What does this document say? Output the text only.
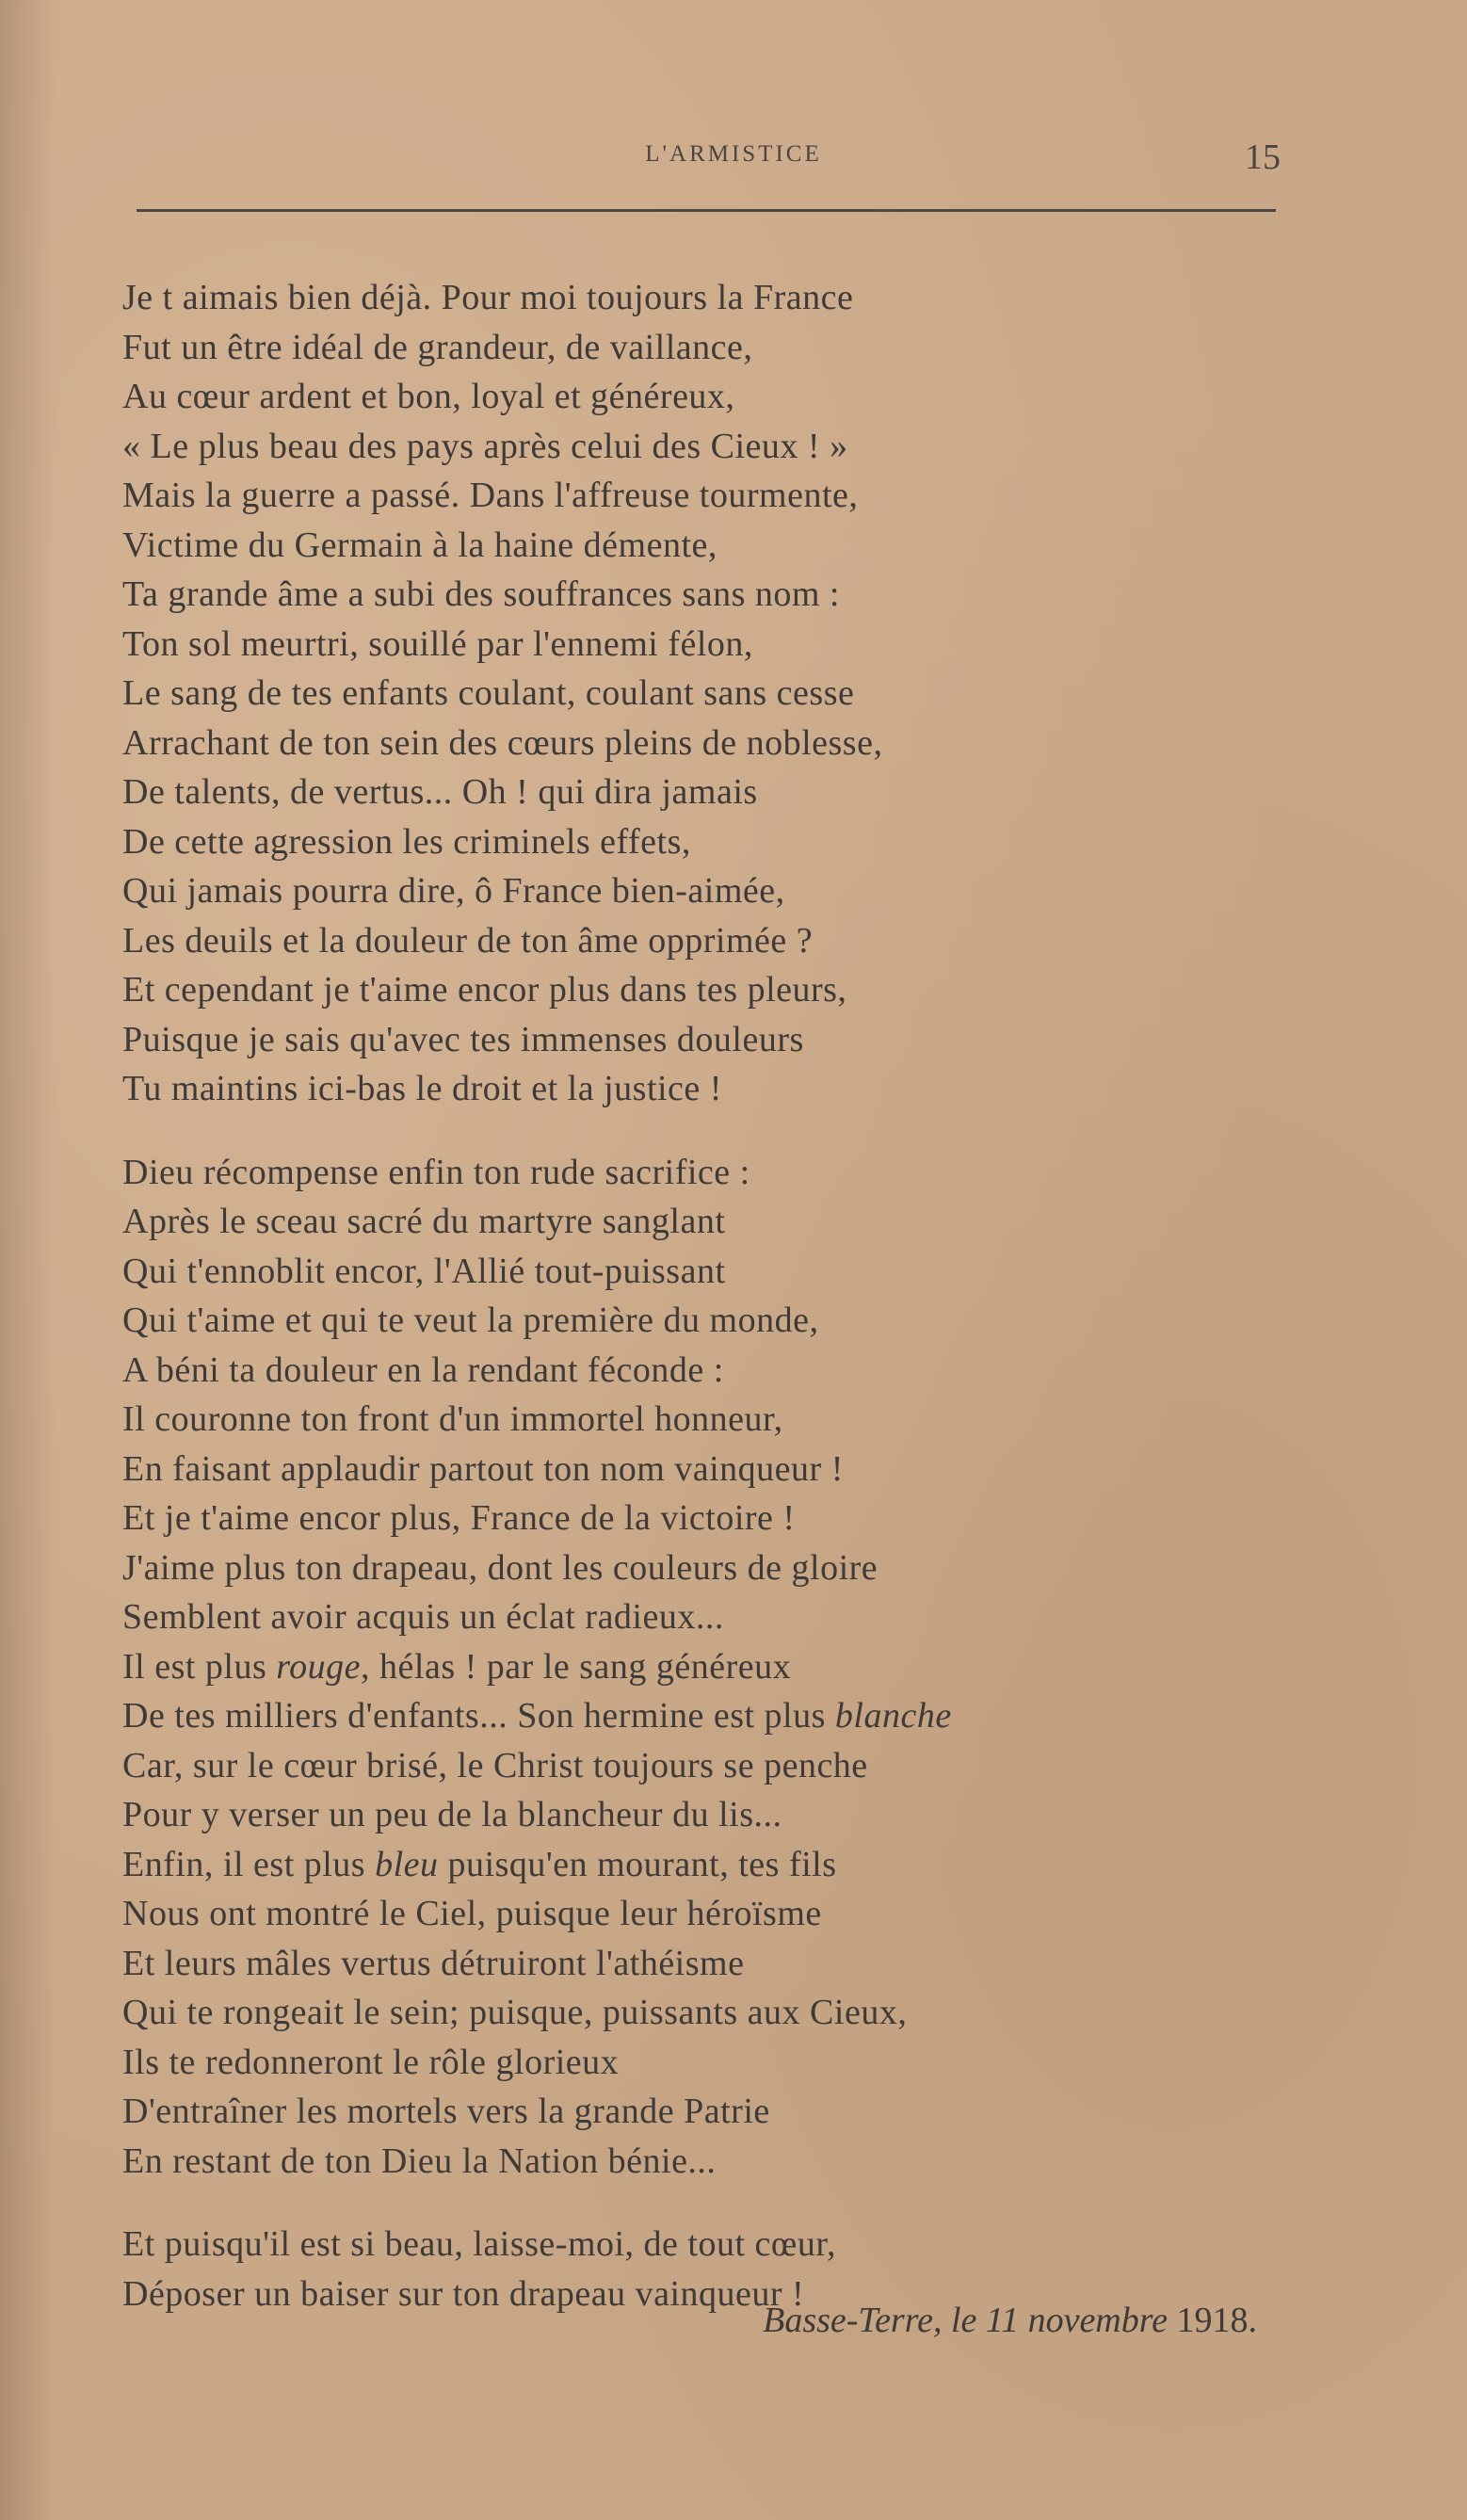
L'ARMISTICE	15
Je t aimais bien déjà. Pour moi toujours la France
Fut un être idéal de grandeur, de vaillance,
Au cœur ardent et bon, loyal et généreux,
« Le plus beau des pays après celui des Cieux ! »
Mais la guerre a passé. Dans l'affreuse tourmente,
Victime du Germain à la haine démente,
Ta grande âme a subi des souffrances sans nom :
Ton sol meurtri, souillé par l'ennemi félon,
Le sang de tes enfants coulant, coulant sans cesse
Arrachant de ton sein des cœurs pleins de noblesse,
De talents, de vertus... Oh ! qui dira jamais
De cette agression les criminels effets,
Qui jamais pourra dire, ô France bien-aimée,
Les deuils et la douleur de ton âme opprimée ?
Et cependant je t'aime encor plus dans tes pleurs,
Puisque je sais qu'avec tes immenses douleurs
Tu maintins ici-bas le droit et la justice !
Dieu récompense enfin ton rude sacrifice :
Après le sceau sacré du martyre sanglant
Qui t'ennoblit encor, l'Allié tout-puissant
Qui t'aime et qui te veut la première du monde,
A béni ta douleur en la rendant féconde :
Il couronne ton front d'un immortel honneur,
En faisant applaudir partout ton nom vainqueur !
Et je t'aime encor plus, France de la victoire !
J'aime plus ton drapeau, dont les couleurs de gloire
Semblent avoir acquis un éclat radieux...
Il est plus rouge, hélas ! par le sang généreux
De tes milliers d'enfants... Son hermine est plus blanche
Car, sur le cœur brisé, le Christ toujours se penche
Pour y verser un peu de la blancheur du lis...
Enfin, il est plus bleu puisqu'en mourant, tes fils
Nous ont montré le Ciel, puisque leur héroïsme
Et leurs mâles vertus détruiront l'athéisme
Qui te rongeait le sein; puisque, puissants aux Cieux,
Ils te redonneront le rôle glorieux
D'entraîner les mortels vers la grande Patrie
En restant de ton Dieu la Nation bénie...
Et puisqu'il est si beau, laisse-moi, de tout cœur,
Déposer un baiser sur ton drapeau vainqueur !
Basse-Terre, le 11 novembre 1918.
